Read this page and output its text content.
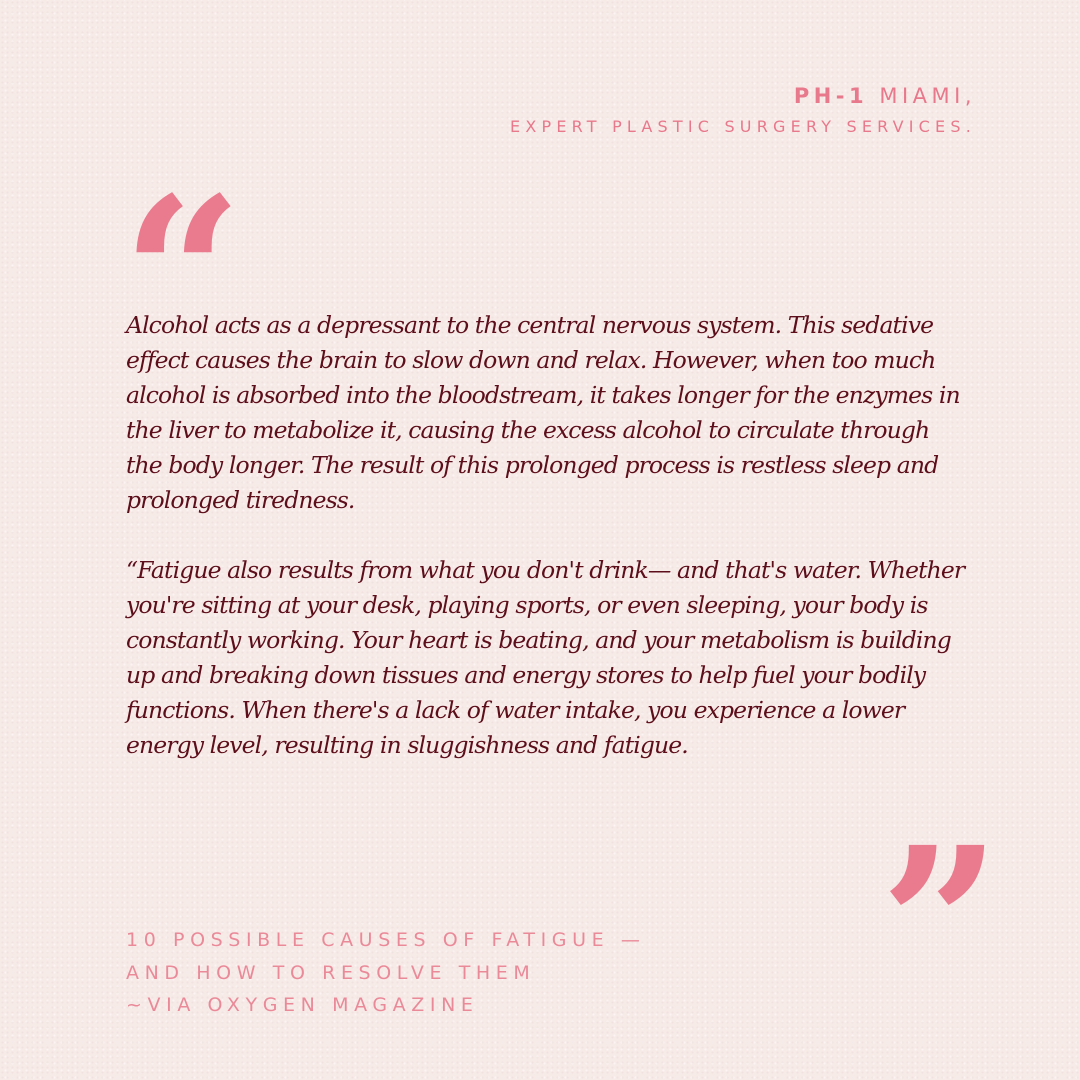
PH-1 MIAMI,
EXPERT PLASTIC SURGERY SERVICES.
“

Alcohol acts as a depressant to the central nervous system. This sedative effect causes the brain to slow down and relax. However, when too much alcohol is absorbed into the bloodstream, it takes longer for the enzymes in the liver to metabolize it, causing the excess alcohol to circulate through the body longer. The result of this prolonged process is restless sleep and prolonged tiredness.

“Fatigue also results from what you don't drink— and that's water. Whether you're sitting at your desk, playing sports, or even sleeping, your body is constantly working. Your heart is beating, and your metabolism is building up and breaking down tissues and energy stores to help fuel your bodily functions. When there's a lack of water intake, you experience a lower energy level, resulting in sluggishness and fatigue.

”
10 POSSIBLE CAUSES OF FATIGUE —
AND HOW TO RESOLVE THEM
~VIA OXYGEN MAGAZINE
